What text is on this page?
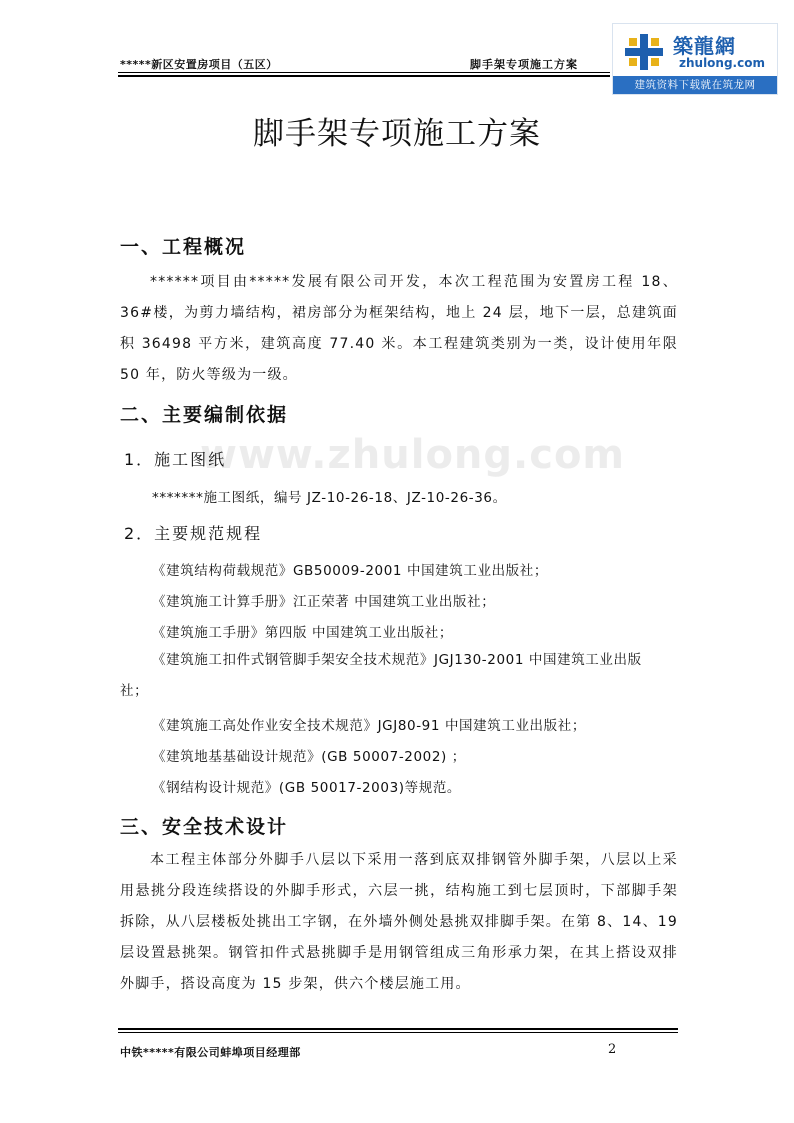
*****新区安置房项目（五区）	脚手架专项施工方案
築龍網
zhulong.com
建筑资料下载就在筑龙网
脚手架专项施工方案
www.zhulong.com
一、工程概况
******项目由*****发展有限公司开发，本次工程范围为安置房工程 18、36#楼，为剪力墙结构，裙房部分为框架结构，地上 24 层，地下一层，总建筑面积 36498 平方米，建筑高度 77.40 米。本工程建筑类别为一类，设计使用年限 50 年，防火等级为一级。
二、主要编制依据
1．施工图纸
*******施工图纸，编号 JZ-10-26-18、JZ-10-26-36。
2．主要规范规程
《建筑结构荷载规范》GB50009-2001 中国建筑工业出版社；
《建筑施工计算手册》江正荣著 中国建筑工业出版社；
《建筑施工手册》第四版 中国建筑工业出版社；
《建筑施工扣件式钢管脚手架安全技术规范》JGJ130-2001 中国建筑工业出版社；
《建筑施工高处作业安全技术规范》JGJ80-91 中国建筑工业出版社；
《建筑地基基础设计规范》(GB 50007-2002) ；
《钢结构设计规范》(GB 50017-2003)等规范。
三、安全技术设计
本工程主体部分外脚手八层以下采用一落到底双排钢管外脚手架，八层以上采用悬挑分段连续搭设的外脚手形式，六层一挑，结构施工到七层顶时，下部脚手架拆除，从八层楼板处挑出工字钢，在外墙外侧处悬挑双排脚手架。在第 8、14、19 层设置悬挑架。钢管扣件式悬挑脚手是用钢管组成三角形承力架，在其上搭设双排外脚手，搭设高度为 15 步架，供六个楼层施工用。
中铁*****有限公司蚌埠项目经理部	2
